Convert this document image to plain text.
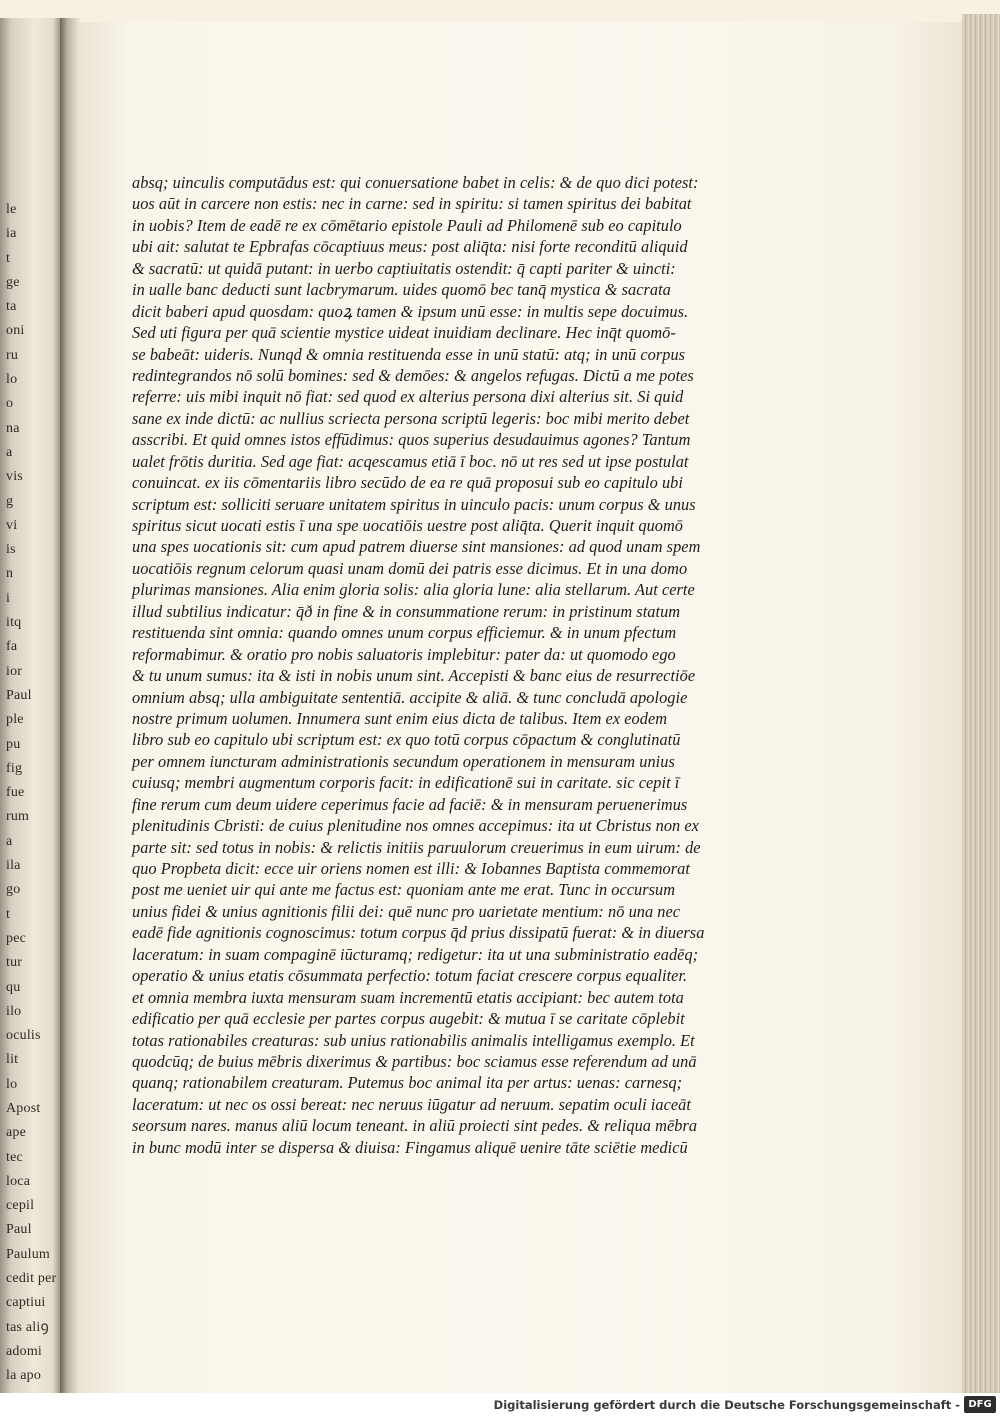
le
ia
t
ge
ta
oni
ru
lo
o
na
a
vis
g
vi
is
n
i
itq
fa
ior
Paul
ple
pu
fig
fue
rum
a
ila
go
t
pec
tur
qu
ilo
oculis
lit
lo
Apost
ape
tec
loca
cepil
Paul
Paulum
cedit per
captiui
tas aliꝯ
adomi
la apo
absq; uinculis computādus est: qui conuersatione babet in celis: & de quo dici potest:
uos aūt in carcere non estis: nec in carne: sed in spiritu: si tamen spiritus dei babitat
in uobis? Item de eadē re ex cōmētario epistole Pauli ad Philomenē sub eo capitulo
ubi ait: salutat te Epbrafas cōcaptiuus meus: post aliq̄ta: nisi forte reconditū aliquid
& sacratū: ut quidā putant: in uerbo captiuitatis ostendit: q̄ capti pariter & uincti:
in ualle banc deducti sunt lacbrymarum. uides quomō bec tanq̄ mystica & sacrata
dicit baberi apud quosdam: quoꝝ tamen & ipsum unū esse: in multis sepe docuimus.
Sed uti figura per quā scientie mystice uideat inuidiam declinare. Hec inq̄t quomō-
se babeāt: uideris. Nunqd & omnia restituenda esse in unū statū: atq; in unū corpus
redintegrandos nō solū bomines: sed & demōes: & angelos refugas. Dictū a me potes
referre: uis mibi inquit nō fiat: sed quod ex alterius persona dixi alterius sit. Si quid
sane ex inde dictū: ac nullius scriecta persona scriptū legeris: boc mibi merito debet
asscribi. Et quid omnes istos effūdimus: quos superius desudauimus agones? Tantum
ualet frōtis duritia. Sed age fiat: acqescamus etiā ī boc. nō ut res sed ut ipse postulat
conuincat. ex iis cōmentariis libro secūdo de ea re quā proposui sub eo capitulo ubi
scriptum est: solliciti seruare unitatem spiritus in uinculo pacis: unum corpus & unus
spiritus sicut uocati estis ī una spe uocatiōis uestre post aliq̄ta. Querit inquit quomō
una spes uocationis sit: cum apud patrem diuerse sint mansiones: ad quod unam spem
uocatiōis regnum celorum quasi unam domū dei patris esse dicimus. Et in una domo
plurimas mansiones. Alia enim gloria solis: alia gloria lune: alia stellarum. Aut certe
illud subtilius indicatur: q̄ð in fine & in consummatione rerum: in pristinum statum
restituenda sint omnia: quando omnes unum corpus efficiemur. & in unum pfectum
reformabimur. & oratio pro nobis saluatoris implebitur: pater da: ut quomodo ego
& tu unum sumus: ita & isti in nobis unum sint. Accepisti & banc eius de resurrectiōe
omnium absq; ulla ambiguitate sententiā. accipite & aliā. & tunc concludā apologie
nostre primum uolumen. Innumera sunt enim eius dicta de talibus. Item ex eodem
libro sub eo capitulo ubi scriptum est: ex quo totū corpus cōpactum & conglutinatū
per omnem iuncturam administrationis secundum operationem in mensuram unius
cuiusq; membri augmentum corporis facit: in edificationē sui in caritate. sic cepit ī
fine rerum cum deum uidere ceperimus facie ad faciē: & in mensuram peruenerimus
plenitudinis Cbristi: de cuius plenitudine nos omnes accepimus: ita ut Cbristus non ex
parte sit: sed totus in nobis: & relictis initiis paruulorum creuerimus in eum uirum: de
quo Propbeta dicit: ecce uir oriens nomen est illi: & Iobannes Baptista commemorat
post me ueniet uir qui ante me factus est: quoniam ante me erat. Tunc in occursum
unius fidei & unius agnitionis filii dei: quē nunc pro uarietate mentium: nō una nec
eadē fide agnitionis cognoscimus: totum corpus q̄d prius dissipatū fuerat: & in diuersa
laceratum: in suam compaginē iūcturamq; redigetur: ita ut una subministratio eadēq;
operatio & unius etatis cōsummata perfectio: totum faciat crescere corpus equaliter.
et omnia membra iuxta mensuram suam incrementū etatis accipiant: bec autem tota
edificatio per quā ecclesie per partes corpus augebit: & mutua ī se caritate cōplebit
totas rationabiles creaturas: sub unius rationabilis animalis intelligamus exemplo. Et
quodcūq; de buius mēbris dixerimus & partibus: boc sciamus esse referendum ad unā
quanq; rationabilem creaturam. Putemus boc animal ita per artus: uenas: carnesq;
laceratum: ut nec os ossi bereat: nec neruus iūgatur ad neruum. sepatim oculi iaceāt
seorsum nares. manus aliū locum teneant. in aliū proiecti sint pedes. & reliqua mēbra
in bunc modū inter se dispersa & diuisa: Fingamus aliquē uenire tāte sciētie medicū
Digitalisierung gefördert durch die Deutsche Forschungsgemeinschaft - DFG
